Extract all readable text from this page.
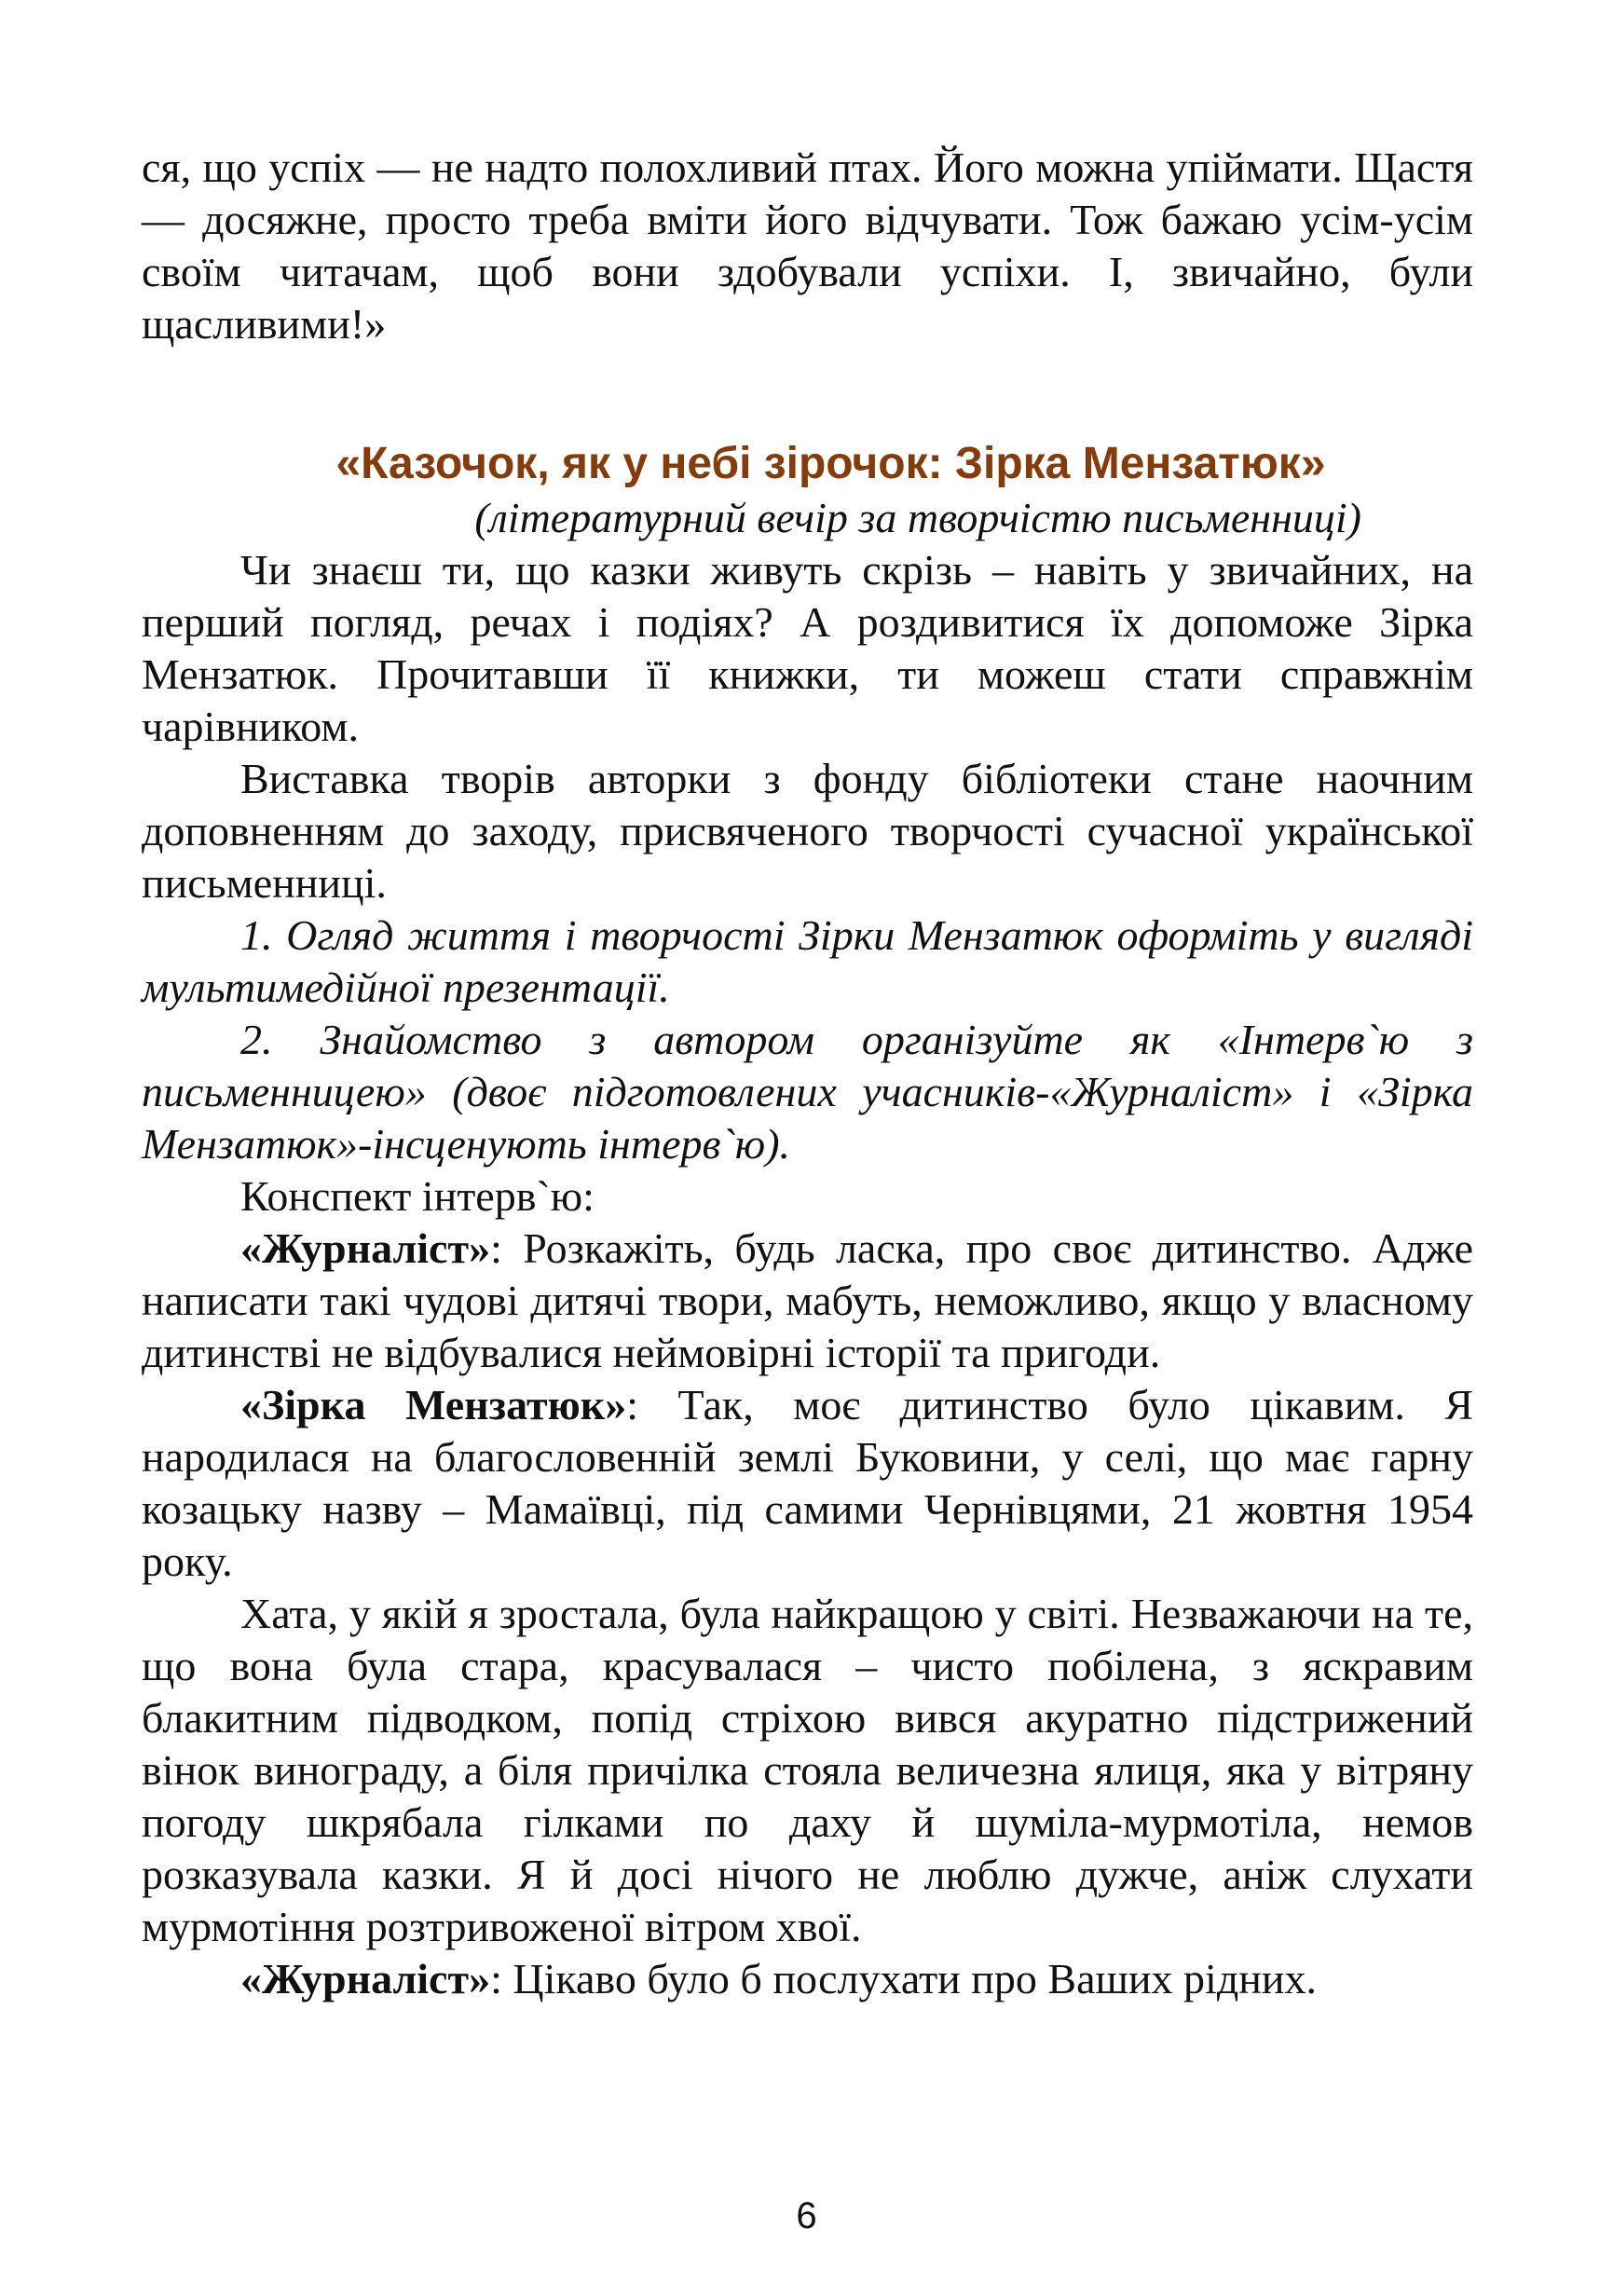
ся, що успіх — не надто полохливий птах. Його можна упіймати. Щастя — досяжне, просто треба вміти його відчувати. Тож бажаю усім-усім своїм читачам, щоб вони здобували успіхи. І, звичайно, були щасливими!»

«Казочок, як у небі зірочок: Зірка Мензатюк»

(літературний вечір за творчістю письменниці)

Чи знаєш ти, що казки живуть скрізь – навіть у звичайних, на перший погляд, речах і подіях? А роздивитися їх допоможе Зірка Мензатюк. Прочитавши її книжки, ти можеш стати справжнім чарівником.

Виставка творів авторки з фонду бібліотеки стане наочним доповненням до заходу, присвяченого творчості сучасної української письменниці.

1. Огляд життя і творчості Зірки Мензатюк оформіть у вигляді мультимедійної презентації.

2. Знайомство з автором організуйте як «Інтерв`ю з письменницею» (двоє підготовлених учасників-«Журналіст» і «Зірка Мензатюк»-інсценують інтерв`ю).

Конспект інтерв`ю:

«Журналіст»: Розкажіть, будь ласка, про своє дитинство. Адже написати такі чудові дитячі твори, мабуть, неможливо, якщо у власному дитинстві не відбувалися неймовірні історії та пригоди.

«Зірка Мензатюк»: Так, моє дитинство було цікавим. Я народилася на благословенній землі Буковини, у селі, що має гарну козацьку назву – Мамаївці, під самими Чернівцями, 21 жовтня 1954 року.

Хата, у якій я зростала, була найкращою у світі. Незважаючи на те, що вона була стара, красувалася – чисто побілена, з яскравим блакитним підводком, попід стріхою вився акуратно підстрижений вінок винограду, а біля причілка стояла величезна ялиця, яка у вітряну погоду шкрябала гілками по даху й шуміла-мурмотіла, немов розказувала казки. Я й досі нічого не люблю дужче, аніж слухати мурмотіння розтривоженої вітром хвої.

«Журналіст»: Цікаво було б послухати про Ваших рідних.

6
